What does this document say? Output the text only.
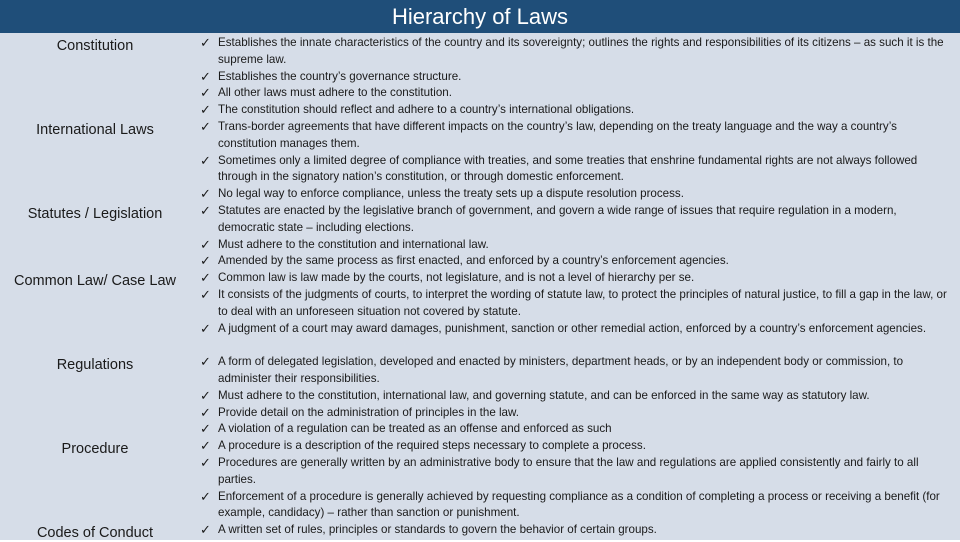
Hierarchy of Laws
Constitution
International Laws
Statutes / Legislation
Common Law/ Case Law
Regulations
Procedure
Codes of Conduct
✓ Establishes the innate characteristics of the country and its sovereignty; outlines the rights and responsibilities of its citizens – as such it is the supreme law.
✓ Establishes the country’s governance structure.
✓ All other laws must adhere to the constitution.
✓ The constitution should reflect and adhere to a country’s international obligations.
✓ Trans-border agreements that have different impacts on the country’s law, depending on the treaty language and the way a country’s constitution manages them.
✓ Sometimes only a limited degree of compliance with treaties, and some treaties that enshrine fundamental rights are not always followed through in the signatory nation’s constitution, or through domestic enforcement.
✓ No legal way to enforce compliance, unless the treaty sets up a dispute resolution process.
✓ Statutes are enacted by the legislative branch of government, and govern a wide range of issues that require regulation in a modern, democratic state – including elections.
✓ Must adhere to the constitution and international law.
✓ Amended by the same process as first enacted, and enforced by a country’s enforcement agencies.
✓ Common law is law made by the courts, not legislature, and is not a level of hierarchy per se.
✓ It consists of the judgments of courts, to interpret the wording of statute law, to protect the principles of natural justice, to fill a gap in the law, or to deal with an unforeseen situation not covered by statute.
✓ A judgment of a court may award damages, punishment, sanction or other remedial action, enforced by a country’s enforcement agencies.
✓ A form of delegated legislation, developed and enacted by ministers, department heads, or by an independent body or commission, to administer their responsibilities.
✓ Must adhere to the constitution, international law, and governing statute, and can be enforced in the same way as statutory law.
✓ Provide detail on the administration of principles in the law.
✓ A violation of a regulation can be treated as an offense and enforced as such
✓ A procedure is a description of the required steps necessary to complete a process.
✓ Procedures are generally written by an administrative body to ensure that the law and regulations are applied consistently and fairly to all parties.
✓ Enforcement of a procedure is generally achieved by requesting compliance as a condition of completing a process or receiving a benefit (for example, candidacy) – rather than sanction or punishment.
✓ A written set of rules, principles or standards to govern the behavior of certain groups.
